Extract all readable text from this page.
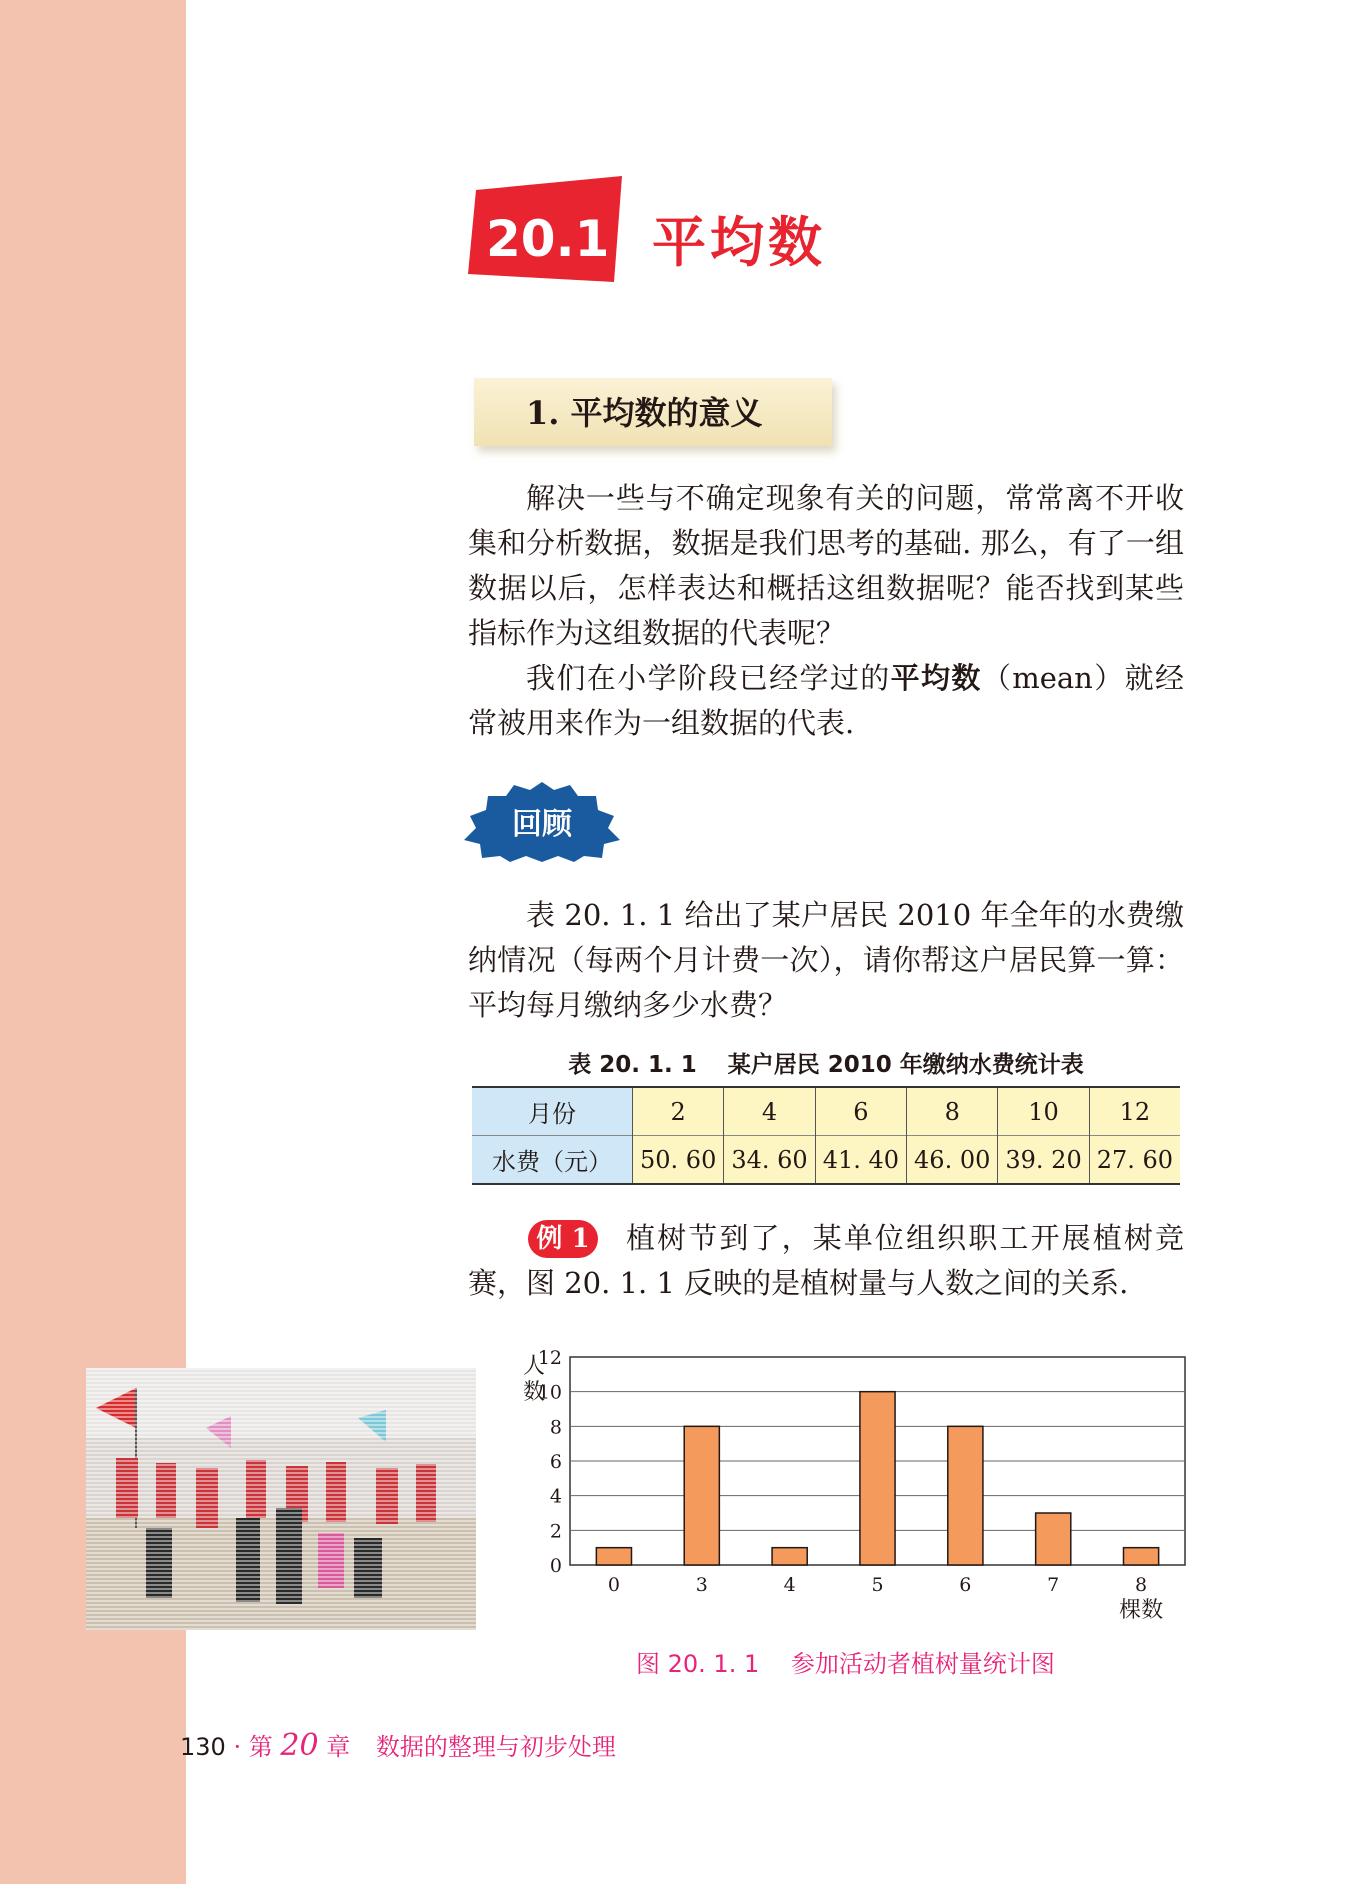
20.1 平均数
1. 平均数的意义
解决一些与不确定现象有关的问题，常常离不开收集和分析数据，数据是我们思考的基础. 那么，有了一组数据以后，怎样表达和概括这组数据呢？能否找到某些指标作为这组数据的代表呢？
我们在小学阶段已经学过的平均数（mean）就经常被用来作为一组数据的代表.
回顾
表 20. 1. 1 给出了某户居民 2010 年全年的水费缴纳情况（每两个月计费一次），请你帮这户居民算一算：平均每月缴纳多少水费？
表 20. 1. 1　 某户居民 2010 年缴纳水费统计表
月份	2	4	6	8	10	12
水费（元）	50. 60	34. 60	41. 40	46. 00	39. 20	27. 60
例 1	植树节到了，某单位组织职工开展植树竞赛，图 20. 1. 1 反映的是植树量与人数之间的关系.
0
2
4
6
8
10
12
人
数
0	3	4	5	6	7	8
棵数
图 20. 1. 1　 参加活动者植树量统计图
130 · 第 20 章 数据的整理与初步处理
